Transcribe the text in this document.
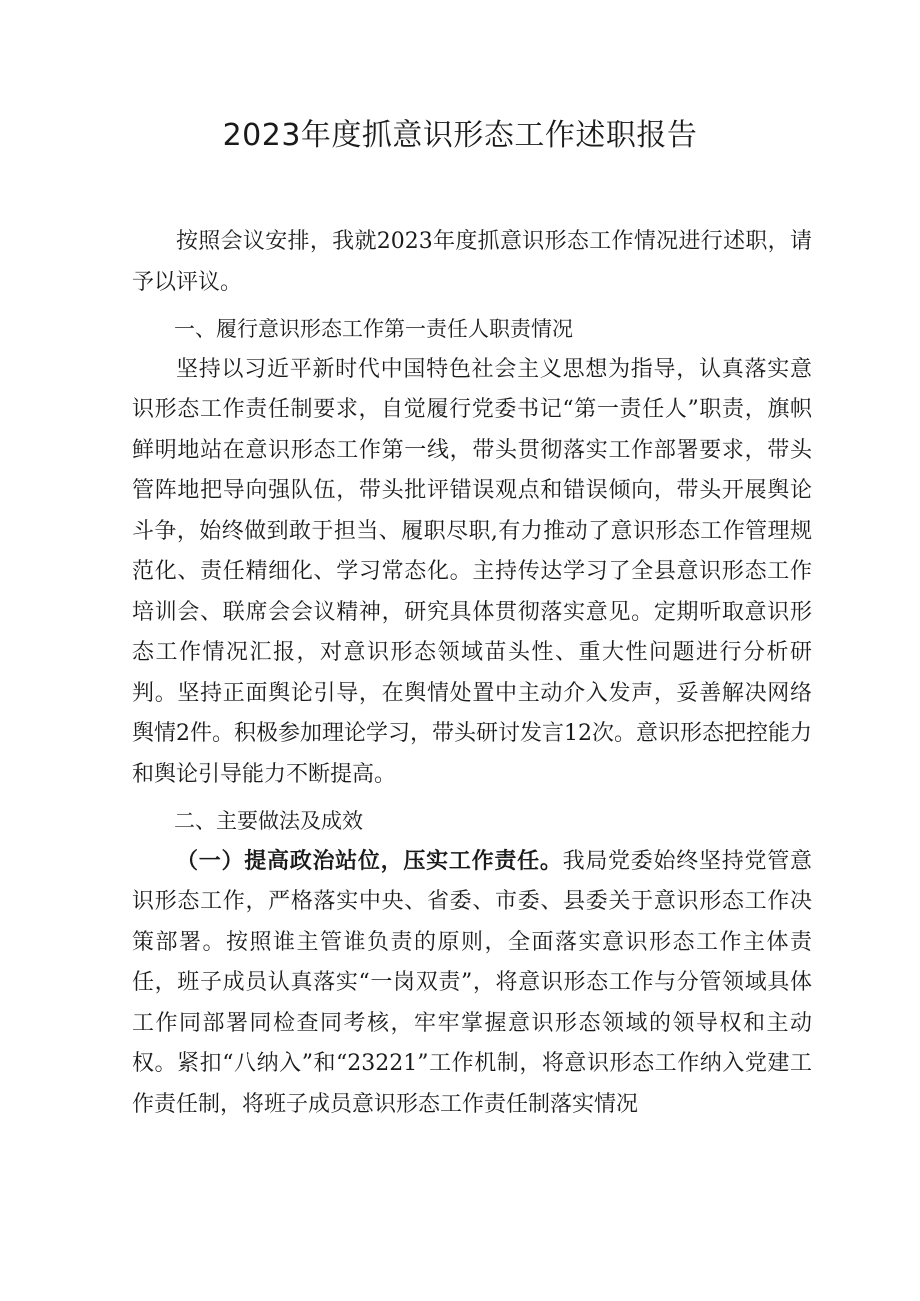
2023年度抓意识形态工作述职报告

按照会议安排，我就2023年度抓意识形态工作情况进行述职，请予以评议。

一、履行意识形态工作第一责任人职责情况

坚持以习近平新时代中国特色社会主义思想为指导，认真落实意识形态工作责任制要求，自觉履行党委书记“第一责任人”职责，旗帜鲜明地站在意识形态工作第一线，带头贯彻落实工作部署要求，带头管阵地把导向强队伍，带头批评错误观点和错误倾向，带头开展舆论斗争，始终做到敢于担当、履职尽职,有力推动了意识形态工作管理规范化、责任精细化、学习常态化。主持传达学习了全县意识形态工作培训会、联席会会议精神，研究具体贯彻落实意见。定期听取意识形态工作情况汇报，对意识形态领域苗头性、重大性问题进行分析研判。坚持正面舆论引导，在舆情处置中主动介入发声，妥善解决网络舆情2件。积极参加理论学习，带头研讨发言12次。意识形态把控能力和舆论引导能力不断提高。

二、主要做法及成效

（一）提高政治站位，压实工作责任。我局党委始终坚持党管意识形态工作，严格落实中央、省委、市委、县委关于意识形态工作决策部署。按照谁主管谁负责的原则，全面落实意识形态工作主体责任，班子成员认真落实“一岗双责”，将意识形态工作与分管领域具体工作同部署同检查同考核，牢牢掌握意识形态领域的领导权和主动权。紧扣“八纳入”和“23221”工作机制，将意识形态工作纳入党建工作责任制，将班子成员意识形态工作责任制落实情况
